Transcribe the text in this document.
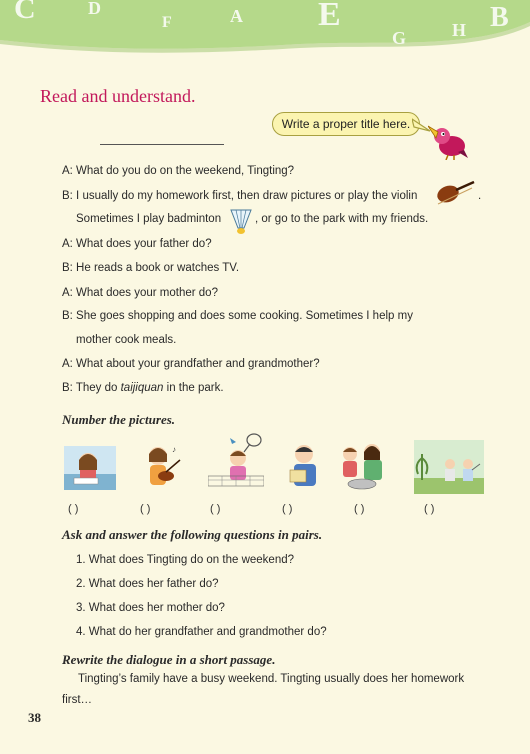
C	D
F	A E
G	H B
Read and understand.
Write a proper title here.
A: What do you do on the weekend, Tingting?
B: I usually do my homework first, then draw pictures or play the violin	.
Sometimes I play badminton	, or go to the park with my friends.
A: What does your father do?
B: He reads a book or watches TV.
A: What does your mother do?
B: She goes shopping and does some cooking. Sometimes I help my
mother cook meals.
A: What about your grandfather and grandmother?
B: They do taijiquan in the park.
Number the pictures.
♪
( )	( )	( )	( )	( )	( )
Ask and answer the following questions in pairs.
1. What does Tingting do on the weekend?
2. What does her father do?
3. What does her mother do?
4. What do her grandfather and grandmother do?
Rewrite the dialogue in a short passage.
Tingting’s family have a busy weekend. Tingting usually does her homework
first…
38
